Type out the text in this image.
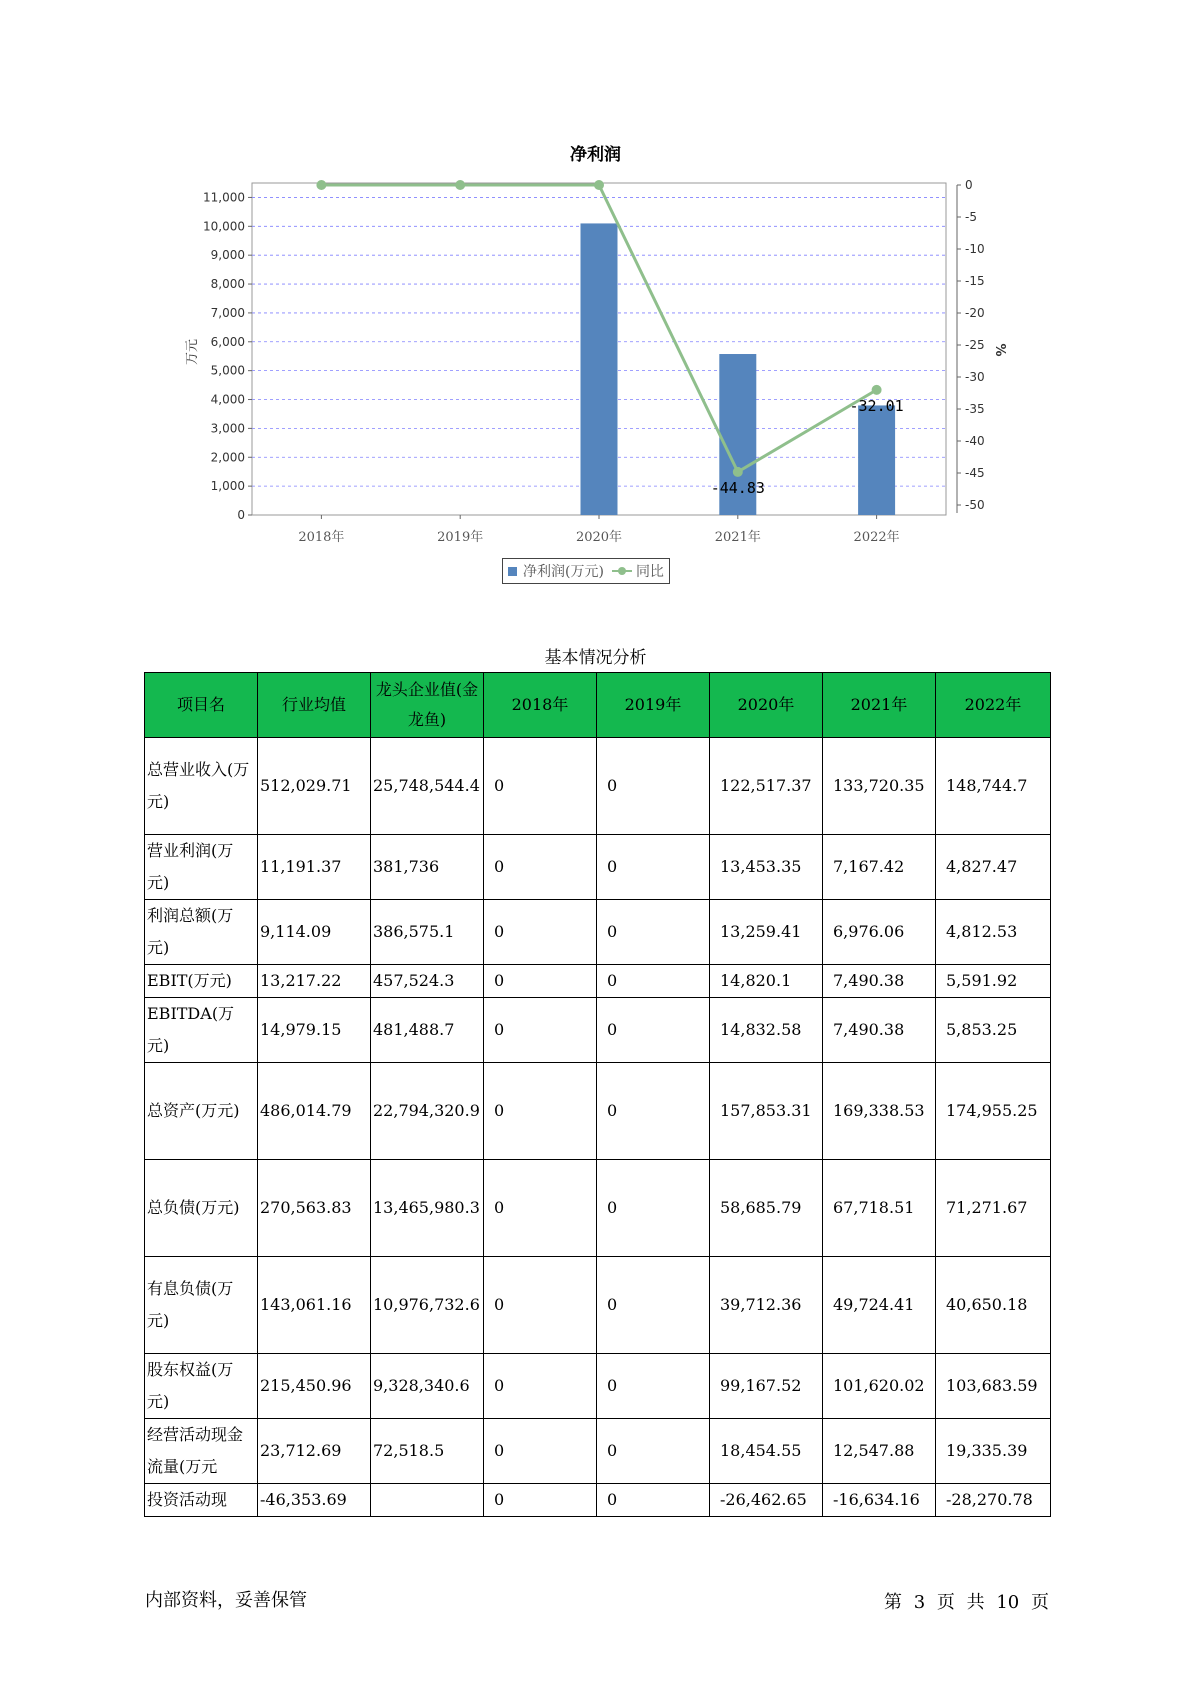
净利润
0
1,000
2,000
3,000
4,000
5,000
6,000
7,000
8,000
9,000
10,000
11,000
0
-5
-10
-15
-20
-25
-30
-35
-40
-45
-50
万元	%
2018年	2019年	2020年	2021年	2022年
-44.83
-32.01
净利润(万元) 同比
基本情况分析
项目名	行业均值	龙头企业值(金龙鱼)	2018年	2019年	2020年	2021年	2022年
总营业收入(万元)	512,029.71	25,748,544.4	0	0	122,517.37	133,720.35	148,744.7
营业利润(万元)	11,191.37	381,736	0	0	13,453.35	7,167.42	4,827.47
利润总额(万元)	9,114.09	386,575.1	0	0	13,259.41	6,976.06	4,812.53
EBIT(万元)	13,217.22	457,524.3	0	0	14,820.1	7,490.38	5,591.92
EBITDA(万元)	14,979.15	481,488.7	0	0	14,832.58	7,490.38	5,853.25
总资产(万元)	486,014.79	22,794,320.9	0	0	157,853.31	169,338.53	174,955.25
总负债(万元)	270,563.83	13,465,980.3	0	0	58,685.79	67,718.51	71,271.67
有息负债(万元)	143,061.16	10,976,732.6	0	0	39,712.36	49,724.41	40,650.18
股东权益(万元)	215,450.96	9,328,340.6	0	0	99,167.52	101,620.02	103,683.59
经营活动现金流量(万元	23,712.69	72,518.5	0	0	18,454.55	12,547.88	19,335.39
投资活动现	-46,353.69		0	0	-26,462.65	-16,634.16	-28,270.78
内部资料，妥善保管	第 3 页 共 10 页
